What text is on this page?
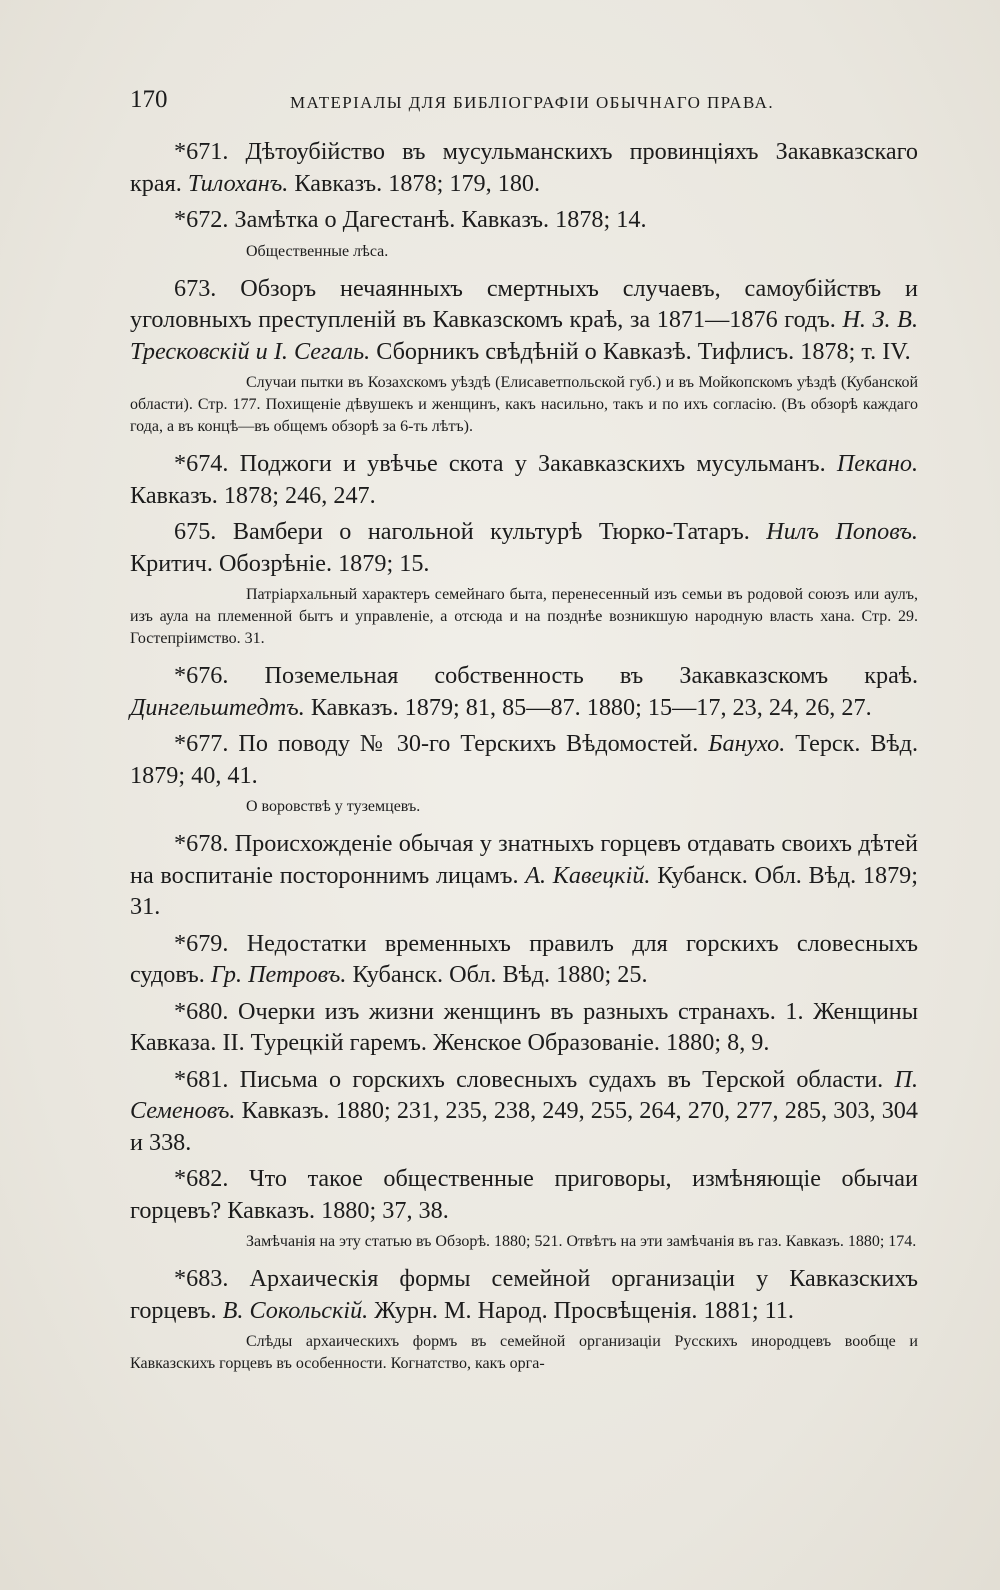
170	МАТЕРІАЛЫ ДЛЯ БИБЛІОГРАФІИ ОБЫЧНАГО ПРАВА.

*671. Дѣтоубійство въ мусульманскихъ провинціяхъ Закавказскаго края. Тилоханъ. Кавказъ. 1878; 179, 180.

*672. Замѣтка о Дагестанѣ. Кавказъ. 1878; 14.

Общественные лѣса.

673. Обзоръ нечаянныхъ смертныхъ случаевъ, самоубійствъ и уголовныхъ преступленій въ Кавказскомъ краѣ, за 1871—1876 годъ. Н. З. В. Тресковскій и І. Сегаль. Сборникъ свѣдѣній о Кавказѣ. Тифлисъ. 1878; т. IV.

Случаи пытки въ Козахскомъ уѣздѣ (Елисаветпольской губ.) и въ Мойкопскомъ уѣздѣ (Кубанской области). Стр. 177. Похищеніе дѣвушекъ и женщинъ, какъ насильно, такъ и по ихъ согласію. (Въ обзорѣ каждаго года, а въ концѣ—въ общемъ обзорѣ за 6-ть лѣтъ).

*674. Поджоги и увѣчье скота у Закавказскихъ мусульманъ. Пекано. Кавказъ. 1878; 246, 247.

675. Вамбери о нагольной культурѣ Тюрко-Татаръ. Нилъ Поповъ. Критич. Обозрѣніе. 1879; 15.

Патріархальный характеръ семейнаго быта, перенесенный изъ семьи въ родовой союзъ или аулъ, изъ аула на племенной бытъ и управленіе, а отсюда и на позднѣе возникшую народную власть хана. Стр. 29. Гостепріимство. 31.

*676. Поземельная собственность въ Закавказскомъ краѣ. Дингельштедтъ. Кавказъ. 1879; 81, 85—87. 1880; 15—17, 23, 24, 26, 27.

*677. По поводу № 30-го Терскихъ Вѣдомостей. Банухо. Терск. Вѣд. 1879; 40, 41.

О воровствѣ у туземцевъ.

*678. Происхожденіе обычая у знатныхъ горцевъ отдавать своихъ дѣтей на воспитаніе постороннимъ лицамъ. А. Кавецкій. Кубанск. Обл. Вѣд. 1879; 31.

*679. Недостатки временныхъ правилъ для горскихъ словесныхъ судовъ. Гр. Петровъ. Кубанск. Обл. Вѣд. 1880; 25.

*680. Очерки изъ жизни женщинъ въ разныхъ странахъ. 1. Женщины Кавказа. II. Турецкій гаремъ. Женское Образованіе. 1880; 8, 9.

*681. Письма о горскихъ словесныхъ судахъ въ Терской области. П. Семеновъ. Кавказъ. 1880; 231, 235, 238, 249, 255, 264, 270, 277, 285, 303, 304 и 338.

*682. Что такое общественные приговоры, измѣняющіе обычаи горцевъ? Кавказъ. 1880; 37, 38.

Замѣчанія на эту статью въ Обзорѣ. 1880; 521. Отвѣтъ на эти замѣчанія въ газ. Кавказъ. 1880; 174.

*683. Архаическія формы семейной организаціи у Кавказскихъ горцевъ. В. Сокольскій. Журн. М. Народ. Просвѣщенія. 1881; 11.

Слѣды архаическихъ формъ въ семейной организаціи Русскихъ инородцевъ вообще и Кавказскихъ горцевъ въ особенности. Когнатство, какъ орга-
